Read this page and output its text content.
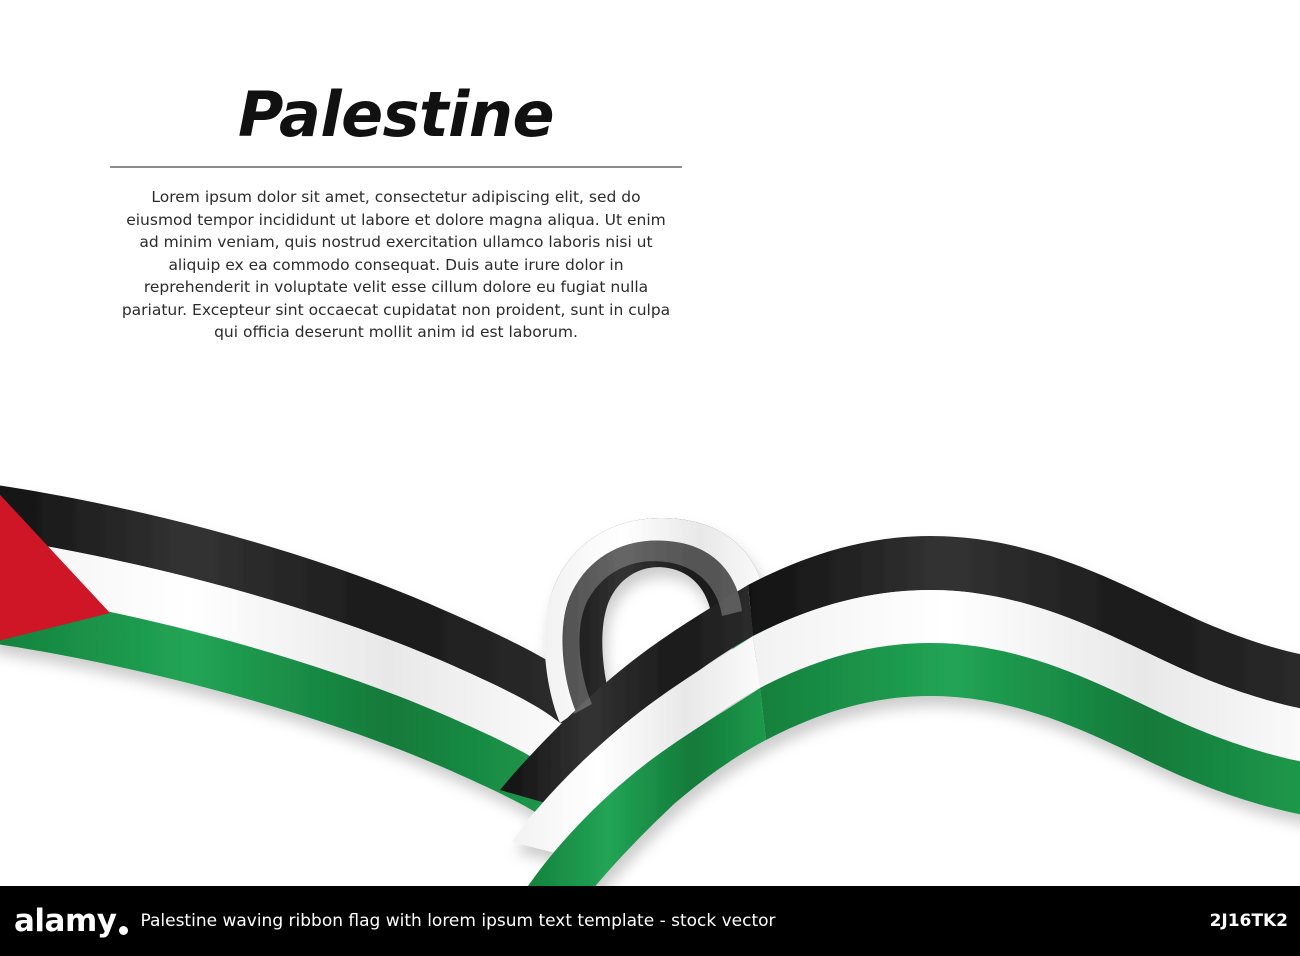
Palestine

Lorem ipsum dolor sit amet, consectetur adipiscing elit, sed do eiusmod tempor incididunt ut labore et dolore magna aliqua. Ut enim ad minim veniam, quis nostrud exercitation ullamco laboris nisi ut aliquip ex ea commodo consequat. Duis aute irure dolor in reprehenderit in voluptate velit esse cillum dolore eu fugiat nulla pariatur. Excepteur sint occaecat cupidatat non proident, sunt in culpa qui officia deserunt mollit anim id est laborum.

alamy Palestine waving ribbon flag with lorem ipsum text template - stock vector	2J16TK2
